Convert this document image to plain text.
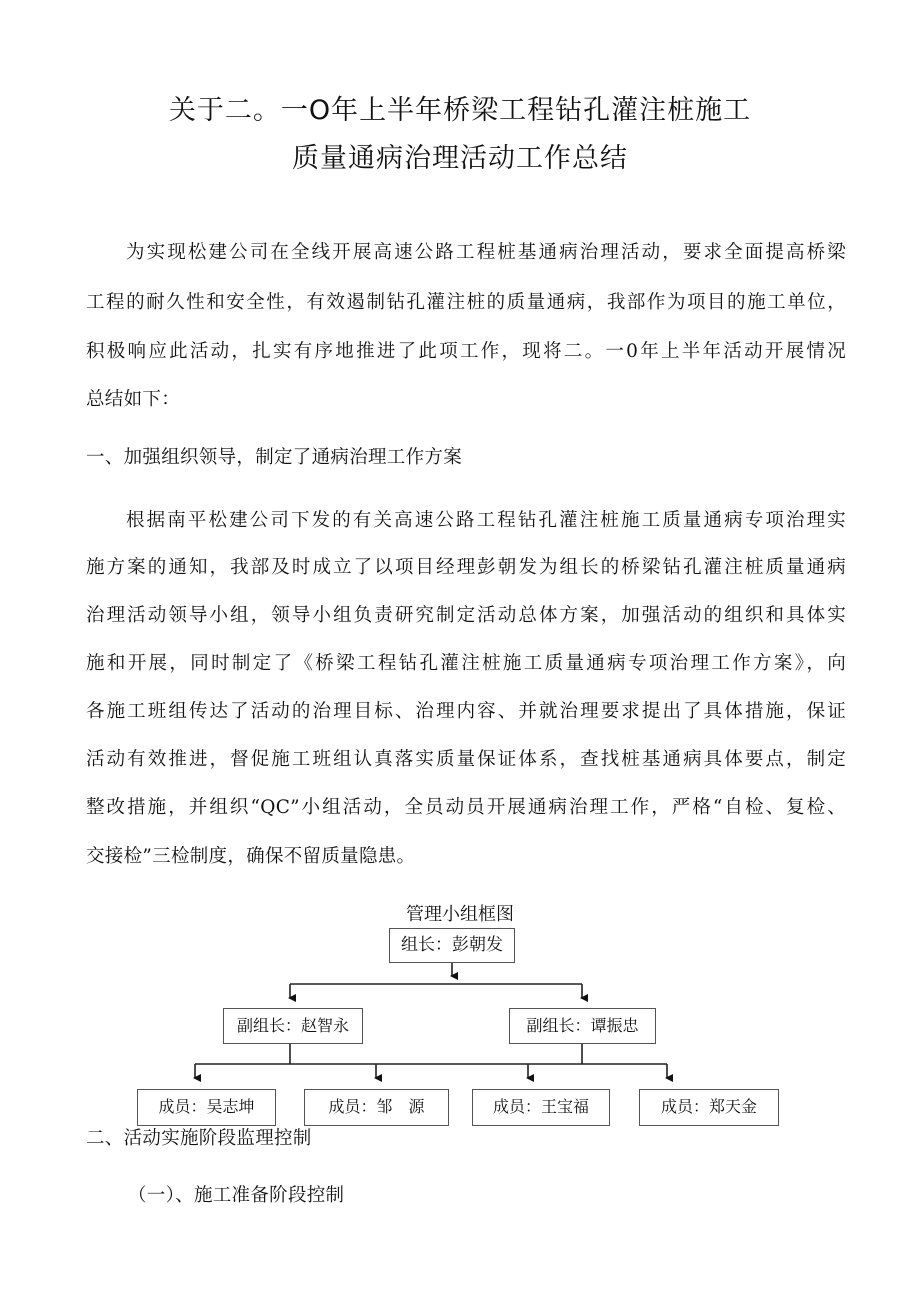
关于二。一O年上半年桥梁工程钻孔灌注桩施工
质量通病治理活动工作总结
为实现松建公司在全线开展高速公路工程桩基通病治理活动，要求全面提高桥梁
工程的耐久性和安全性，有效遏制钻孔灌注桩的质量通病，我部作为项目的施工单位，
积极响应此活动，扎实有序地推进了此项工作，现将二。一0年上半年活动开展情况
总结如下：
一、加强组织领导，制定了通病治理工作方案
根据南平松建公司下发的有关高速公路工程钻孔灌注桩施工质量通病专项治理实
施方案的通知，我部及时成立了以项目经理彭朝发为组长的桥梁钻孔灌注桩质量通病
治理活动领导小组，领导小组负责研究制定活动总体方案，加强活动的组织和具体实
施和开展，同时制定了《桥梁工程钻孔灌注桩施工质量通病专项治理工作方案》，向
各施工班组传达了活动的治理目标、治理内容、并就治理要求提出了具体措施，保证
活动有效推进，督促施工班组认真落实质量保证体系，查找桩基通病具体要点，制定
整改措施，并组织“QC”小组活动，全员动员开展通病治理工作，严格“自检、复检、
交接检”三检制度，确保不留质量隐患。
管理小组框图
组长：彭朝发
副组长：赵智永	副组长：谭振忠
成员：吴志坤	成员：邹　源	成员：王宝福	成员：郑天金
二、活动实施阶段监理控制
（一）、施工准备阶段控制
